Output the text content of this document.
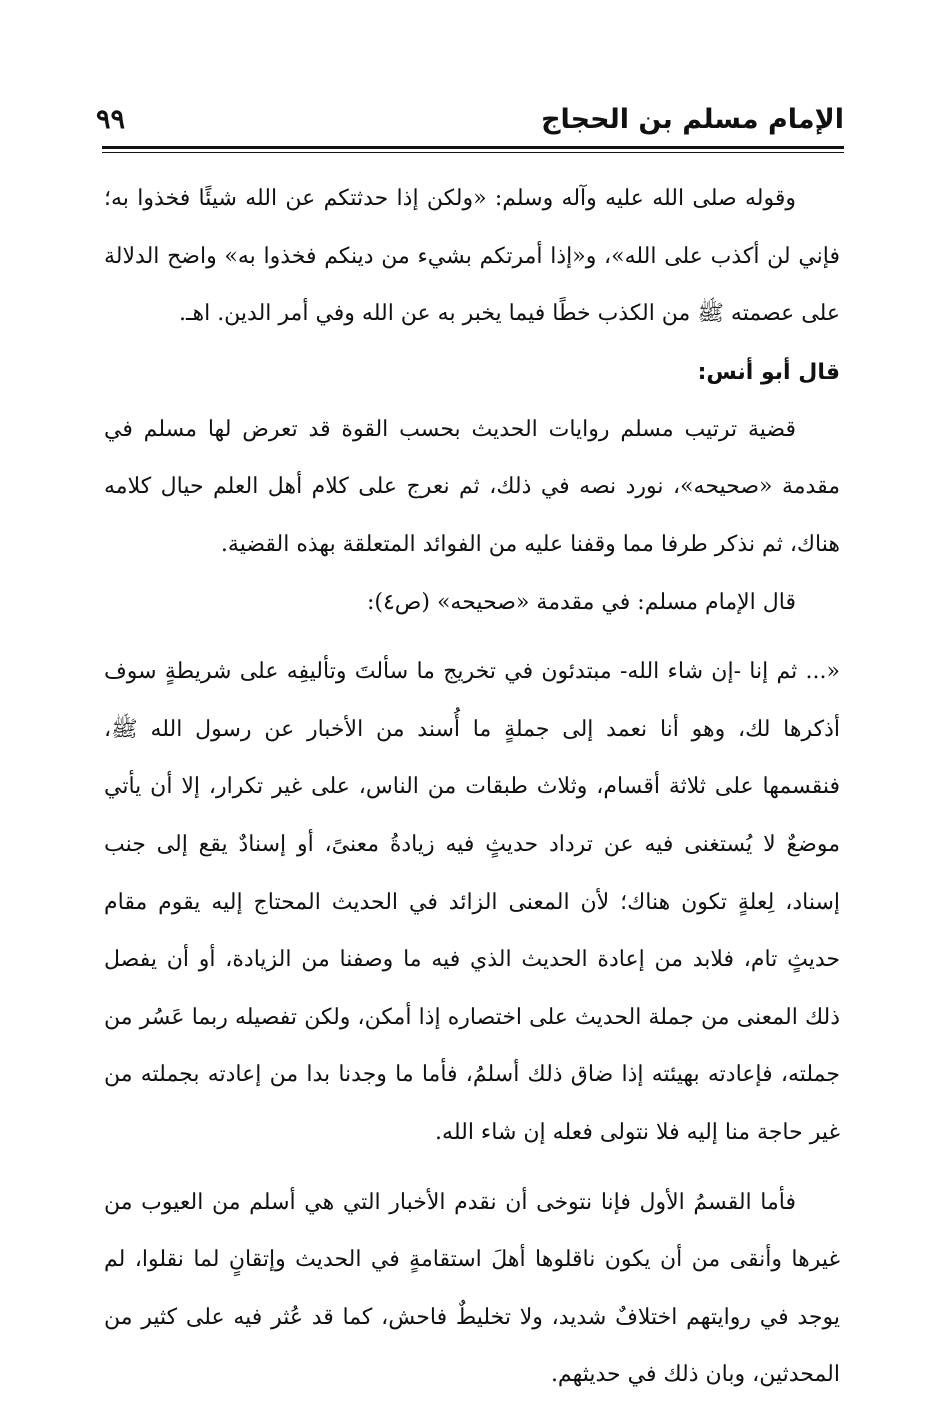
الإمام مسلم بن الحجاج
٩٩

وقوله صلى الله عليه وآله وسلم: «ولكن إذا حدثتكم عن الله شيئًا فخذوا به؛ فإني لن أكذب على الله»، و«إذا أمرتكم بشيء من دينكم فخذوا به» واضح الدلالة على عصمته ﷺ من الكذب خطًا فيما يخبر به عن الله وفي أمر الدين. اهـ.

قال أبو أنس:

قضية ترتيب مسلم روايات الحديث بحسب القوة قد تعرض لها مسلم في مقدمة «صحيحه»، نورد نصه في ذلك، ثم نعرج على كلام أهل العلم حيال كلامه هناك، ثم نذكر طرفا مما وقفنا عليه من الفوائد المتعلقة بهذه القضية.

قال الإمام مسلم: في مقدمة «صحيحه» (ص٤):

«... ثم إنا -إن شاء الله- مبتدئون في تخريج ما سألتَ وتأليفِه على شريطةٍ سوف أذكرها لك، وهو أنا نعمد إلى جملةٍ ما أُسند من الأخبار عن رسول الله ﷺ، فنقسمها على ثلاثة أقسام، وثلاث طبقات من الناس، على غير تكرار، إلا أن يأتي موضعٌ لا يُستغنى فيه عن ترداد حديثٍ فيه زيادةُ معنىً، أو إسنادٌ يقع إلى جنب إسناد، لِعلةٍ تكون هناك؛ لأن المعنى الزائد في الحديث المحتاج إليه يقوم مقام حديثٍ تام، فلابد من إعادة الحديث الذي فيه ما وصفنا من الزيادة، أو أن يفصل ذلك المعنى من جملة الحديث على اختصاره إذا أمكن، ولكن تفصيله ربما عَسُر من جملته، فإعادته بهيئته إذا ضاق ذلك أسلمُ، فأما ما وجدنا بدا من إعادته بجملته من غير حاجة منا إليه فلا نتولى فعله إن شاء الله.

فأما القسمُ الأول فإنا نتوخى أن نقدم الأخبار التي هي أسلم من العيوب من غيرها وأنقى من أن يكون ناقلوها أهلَ استقامةٍ في الحديث وإتقانٍ لما نقلوا، لم يوجد في روايتهم اختلافٌ شديد، ولا تخليطٌ فاحش، كما قد عُثر فيه على كثير من المحدثين، وبان ذلك في حديثهم.
